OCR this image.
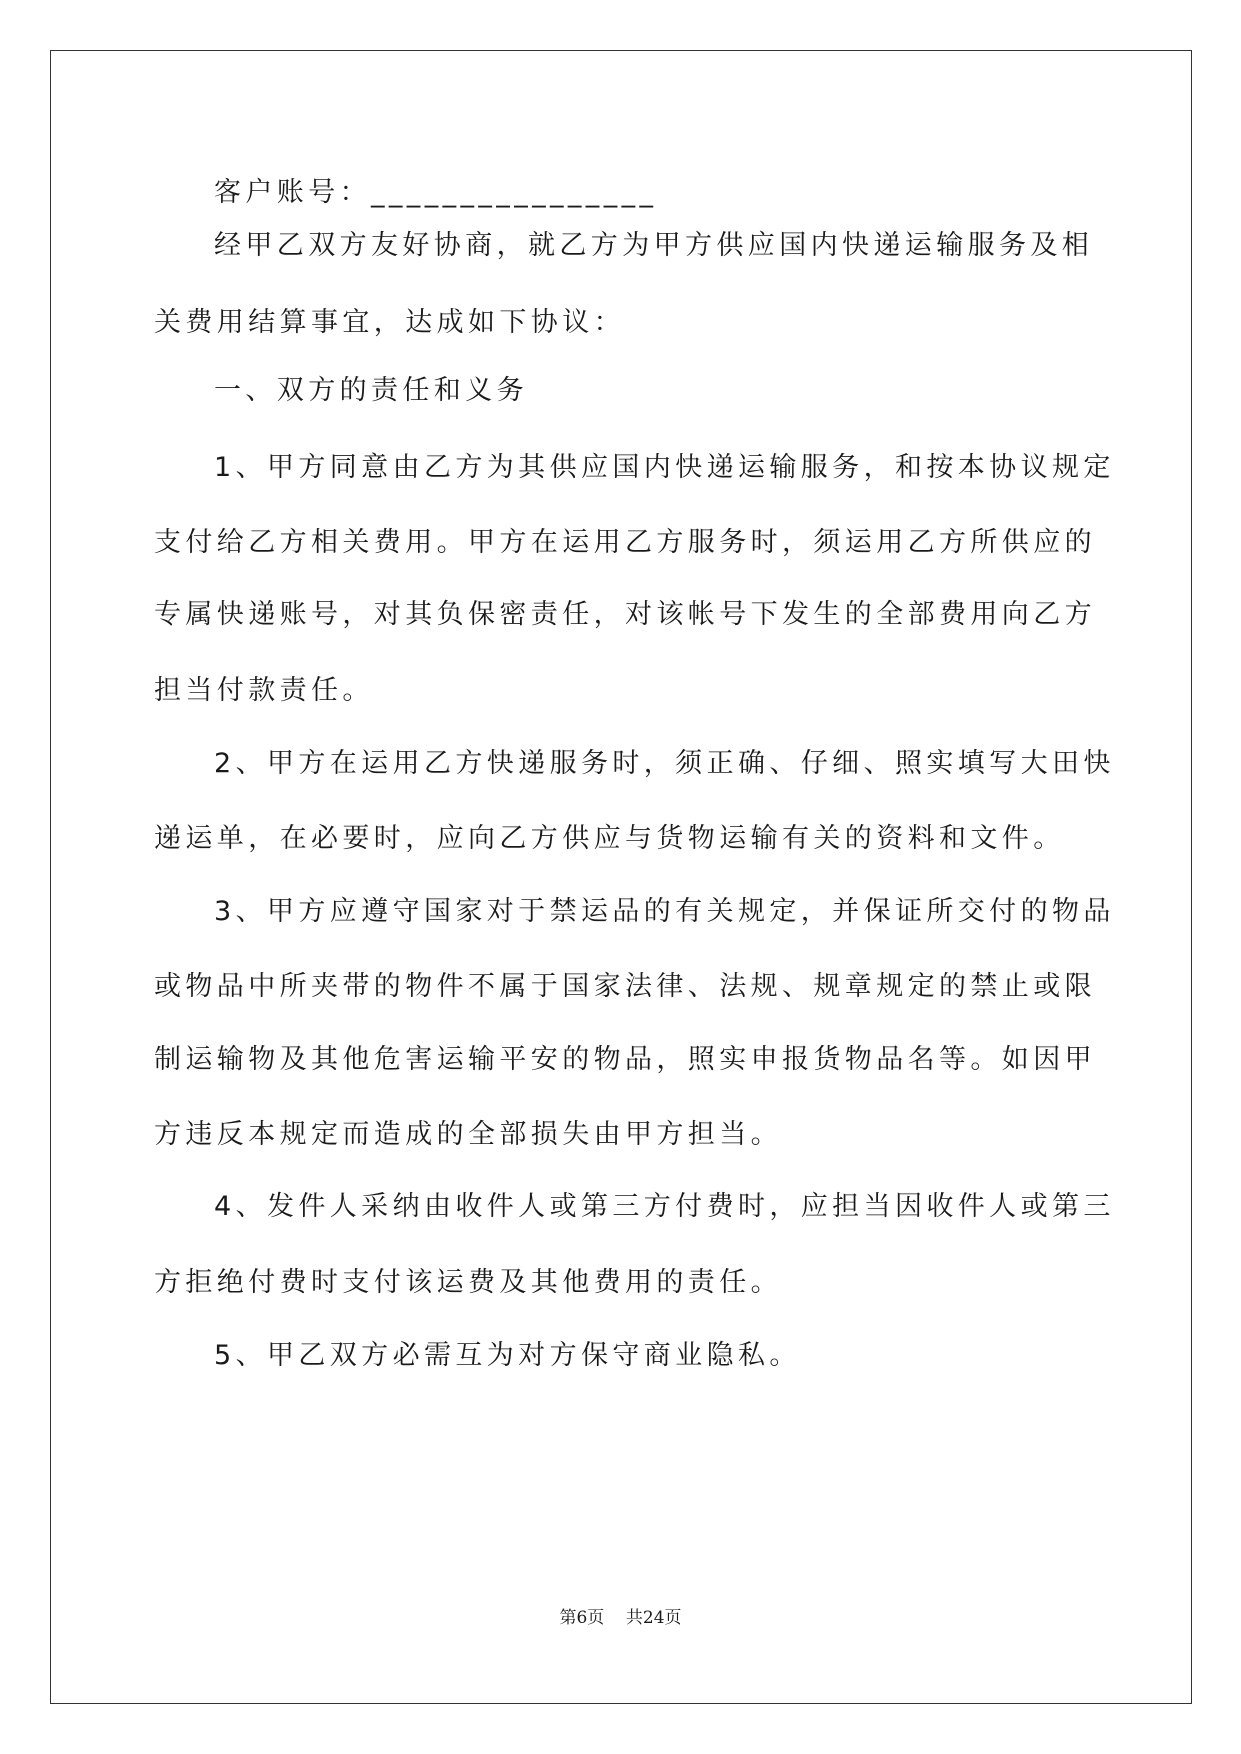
客户账号：________________
经甲乙双方友好协商，就乙方为甲方供应国内快递运输服务及相
关费用结算事宜，达成如下协议：
一、双方的责任和义务
1、甲方同意由乙方为其供应国内快递运输服务，和按本协议规定
支付给乙方相关费用。甲方在运用乙方服务时，须运用乙方所供应的
专属快递账号，对其负保密责任，对该帐号下发生的全部费用向乙方
担当付款责任。
2、甲方在运用乙方快递服务时，须正确、仔细、照实填写大田快
递运单，在必要时，应向乙方供应与货物运输有关的资料和文件。
3、甲方应遵守国家对于禁运品的有关规定，并保证所交付的物品
或物品中所夹带的物件不属于国家法律、法规、规章规定的禁止或限
制运输物及其他危害运输平安的物品，照实申报货物品名等。如因甲
方违反本规定而造成的全部损失由甲方担当。
4、发件人采纳由收件人或第三方付费时，应担当因收件人或第三
方拒绝付费时支付该运费及其他费用的责任。
5、甲乙双方必需互为对方保守商业隐私。
第6页    共24页
